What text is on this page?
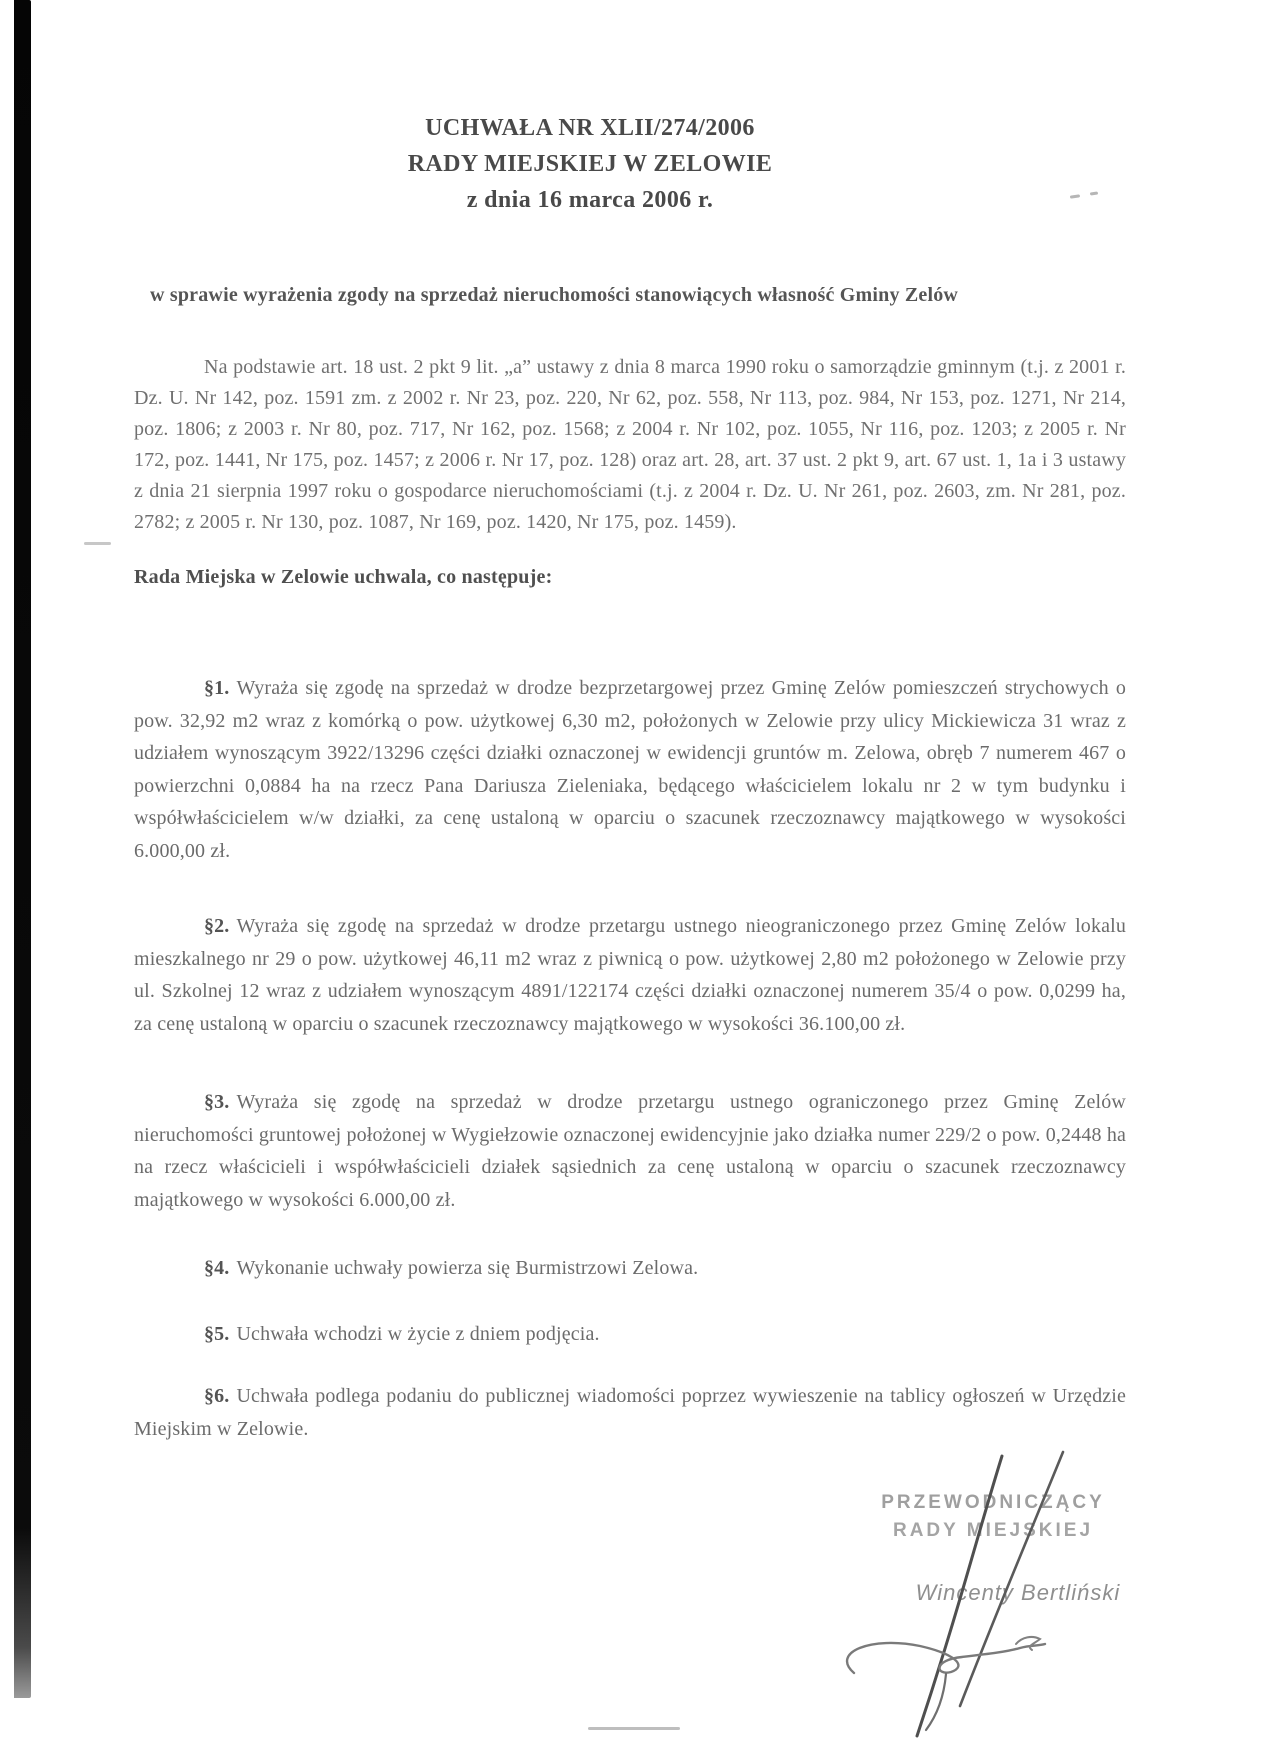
UCHWAŁA NR XLII/274/2006
RADY MIEJSKIEJ W ZELOWIE
z dnia 16 marca 2006 r.
w sprawie wyrażenia zgody na sprzedaż nieruchomości stanowiących własność Gminy Zelów

Na podstawie art. 18 ust. 2 pkt 9 lit. „a” ustawy z dnia 8 marca 1990 roku o samorządzie gminnym (t.j. z 2001 r. Dz. U. Nr 142, poz. 1591 zm. z 2002 r. Nr 23, poz. 220, Nr 62, poz. 558, Nr 113, poz. 984, Nr 153, poz. 1271, Nr 214, poz. 1806; z 2003 r. Nr 80, poz. 717, Nr 162, poz. 1568; z 2004 r. Nr 102, poz. 1055, Nr 116, poz. 1203; z 2005 r. Nr 172, poz. 1441, Nr 175, poz. 1457; z 2006 r. Nr 17, poz. 128) oraz art. 28, art. 37 ust. 2 pkt 9, art. 67 ust. 1, 1a i 3 ustawy z dnia 21 sierpnia 1997 roku o gospodarce nieruchomościami (t.j. z 2004 r. Dz. U. Nr 261, poz. 2603, zm. Nr 281, poz. 2782; z 2005 r. Nr 130, poz. 1087, Nr 169, poz. 1420, Nr 175, poz. 1459).

Rada Miejska w Zelowie uchwala, co następuje:

§1. Wyraża się zgodę na sprzedaż w drodze bezprzetargowej przez Gminę Zelów pomieszczeń strychowych o pow. 32,92 m2 wraz z komórką o pow. użytkowej 6,30 m2, położonych w Zelowie przy ulicy Mickiewicza 31 wraz z udziałem wynoszącym 3922/13296 części działki oznaczonej w ewidencji gruntów m. Zelowa, obręb 7 numerem 467 o powierzchni 0,0884 ha na rzecz Pana Dariusza Zieleniaka, będącego właścicielem lokalu nr 2 w tym budynku i współwłaścicielem w/w działki, za cenę ustaloną w oparciu o szacunek rzeczoznawcy majątkowego w wysokości 6.000,00 zł.

§2. Wyraża się zgodę na sprzedaż w drodze przetargu ustnego nieograniczonego przez Gminę Zelów lokalu mieszkalnego nr 29 o pow. użytkowej 46,11 m2 wraz z piwnicą o pow. użytkowej 2,80 m2 położonego w Zelowie przy ul. Szkolnej 12 wraz z udziałem wynoszącym 4891/122174 części działki oznaczonej numerem 35/4 o pow. 0,0299 ha, za cenę ustaloną w oparciu o szacunek rzeczoznawcy majątkowego w wysokości 36.100,00 zł.

§3. Wyraża się zgodę na sprzedaż w drodze przetargu ustnego ograniczonego przez Gminę Zelów nieruchomości gruntowej położonej w Wygiełzowie oznaczonej ewidencyjnie jako działka numer 229/2 o pow. 0,2448 ha na rzecz właścicieli i współwłaścicieli działek sąsiednich za cenę ustaloną w oparciu o szacunek rzeczoznawcy majątkowego w wysokości 6.000,00 zł.

§4. Wykonanie uchwały powierza się Burmistrzowi Zelowa.

§5. Uchwała wchodzi w życie z dniem podjęcia.

§6. Uchwała podlega podaniu do publicznej wiadomości poprzez wywieszenie na tablicy ogłoszeń w Urzędzie Miejskim w Zelowie.

PRZEWODNICZĄCY
RADY MIEJSKIEJ
Wincenty Bertliński
